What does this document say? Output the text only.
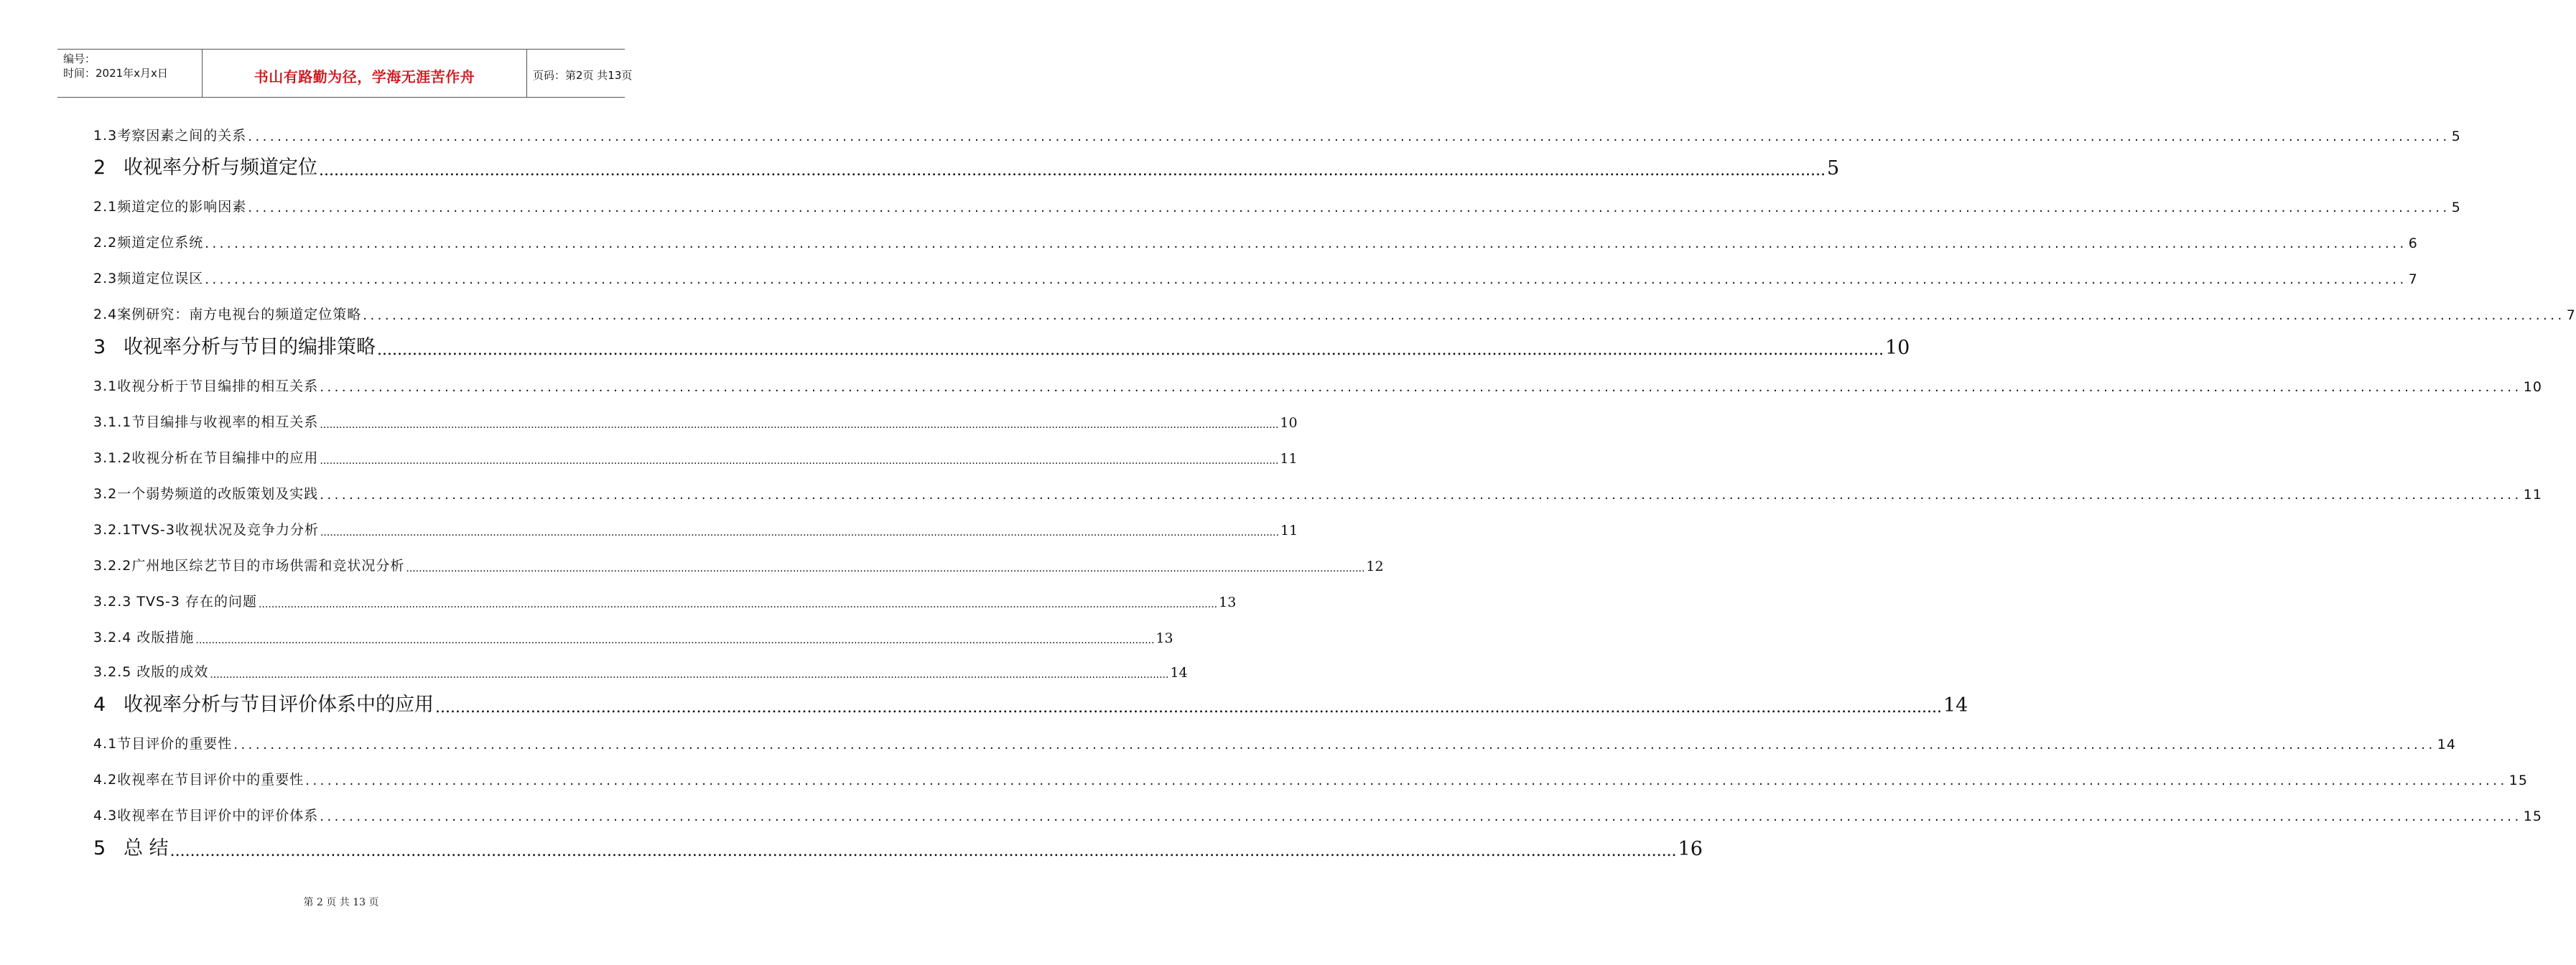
编号：
时间：2021年x月x日	书山有路勤为径，学海无涯苦作舟	页码：第2页 共13页
1.3考察因素之间的关系 ............................................................................................................................................................................................................................................................................................................ 5
2 收视率分析与频道定位 ............................................................................................................................................................................................................................................................................................................ 5
2.1频道定位的影响因素 ............................................................................................................................................................................................................................................................................................................ 5
2.2频道定位系统 ............................................................................................................................................................................................................................................................................................................ 6
2.3频道定位误区 ............................................................................................................................................................................................................................................................................................................ 7
2.4案例研究：南方电视台的频道定位策略 ............................................................................................................................................................................................................................................................................................................ 7
3 收视率分析与节目的编排策略 ............................................................................................................................................................................................................................................................................................................ 10
3.1收视分析于节目编排的相互关系 ............................................................................................................................................................................................................................................................................................................ 10
3.1.1节目编排与收视率的相互关系 ............................................................................................................................................................................................................................................................................................................ 10
3.1.2收视分析在节目编排中的应用 ............................................................................................................................................................................................................................................................................................................ 11
3.2一个弱势频道的改版策划及实践 ............................................................................................................................................................................................................................................................................................................ 11
3.2.1TVS-3收视状况及竞争力分析 ............................................................................................................................................................................................................................................................................................................ 11
3.2.2广州地区综艺节目的市场供需和竞状况分析 ............................................................................................................................................................................................................................................................................................................ 12
3.2.3 TVS-3 存在的问题 ............................................................................................................................................................................................................................................................................................................ 13
3.2.4 改版措施 ............................................................................................................................................................................................................................................................................................................ 13
3.2.5 改版的成效 ............................................................................................................................................................................................................................................................................................................ 14
4 收视率分析与节目评价体系中的应用 ............................................................................................................................................................................................................................................................................................................ 14
4.1节目评价的重要性 ............................................................................................................................................................................................................................................................................................................ 14
4.2收视率在节目评价中的重要性 ............................................................................................................................................................................................................................................................................................................ 15
4.3收视率在节目评价中的评价体系 ............................................................................................................................................................................................................................................................................................................ 15
5 总 结 ............................................................................................................................................................................................................................................................................................................ 16
第 2 页 共 13 页
